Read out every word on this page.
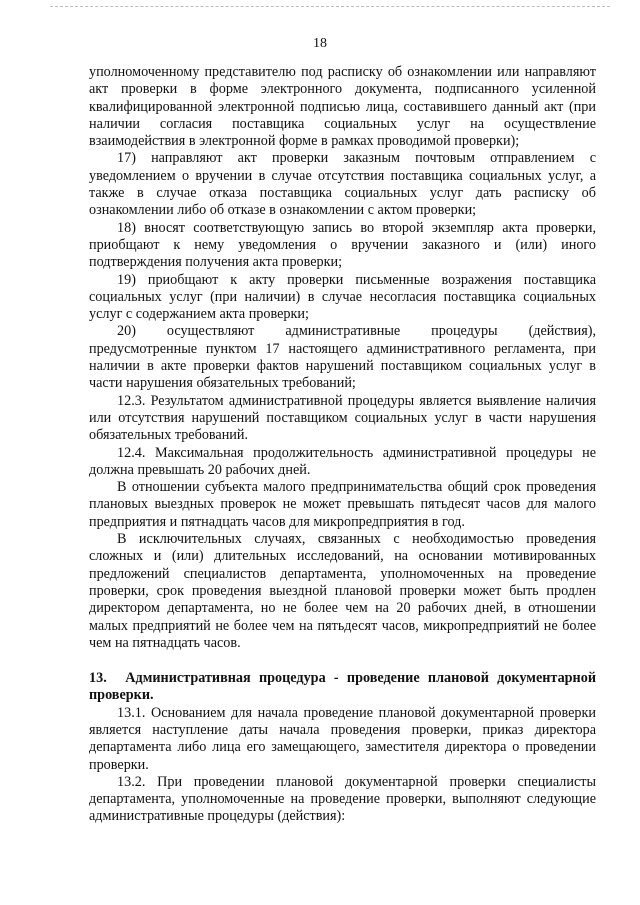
18

уполномоченному представителю под расписку об ознакомлении или направляют акт проверки в форме электронного документа, подписанного усиленной квалифицированной электронной подписью лица, составившего данный акт (при наличии согласия поставщика социальных услуг на осуществление взаимодействия в электронной форме в рамках проводимой проверки);

17) направляют акт проверки заказным почтовым отправлением с уведомлением о вручении в случае отсутствия поставщика социальных услуг, а также в случае отказа поставщика социальных услуг дать расписку об ознакомлении либо об отказе в ознакомлении с актом проверки;

18) вносят соответствующую запись во второй экземпляр акта проверки, приобщают к нему уведомления о вручении заказного и (или) иного подтверждения получения акта проверки;

19) приобщают к акту проверки письменные возражения поставщика социальных услуг (при наличии) в случае несогласия поставщика социальных услуг с содержанием акта проверки;

20) осуществляют административные процедуры (действия), предусмотренные пунктом 17 настоящего административного регламента, при наличии в акте проверки фактов нарушений поставщиком социальных услуг в части нарушения обязательных требований;

12.3. Результатом административной процедуры является выявление наличия или отсутствия нарушений поставщиком социальных услуг в части нарушения обязательных требований.

12.4. Максимальная продолжительность административной процедуры не должна превышать 20 рабочих дней.

В отношении субъекта малого предпринимательства общий срок проведения плановых выездных проверок не может превышать пятьдесят часов для малого предприятия и пятнадцать часов для микропредприятия в год.

В исключительных случаях, связанных с необходимостью проведения сложных и (или) длительных исследований, на основании мотивированных предложений специалистов департамента, уполномоченных на проведение проверки, срок проведения выездной плановой проверки может быть продлен директором департамента, но не более чем на 20 рабочих дней, в отношении малых предприятий не более чем на пятьдесят часов, микропредприятий не более чем на пятнадцать часов.

13. Административная процедура - проведение плановой документарной проверки.

13.1. Основанием для начала проведение плановой документарной проверки является наступление даты начала проведения проверки, приказ директора департамента либо лица его замещающего, заместителя директора о проведении проверки.

13.2. При проведении плановой документарной проверки специалисты департамента, уполномоченные на проведение проверки, выполняют следующие административные процедуры (действия):
